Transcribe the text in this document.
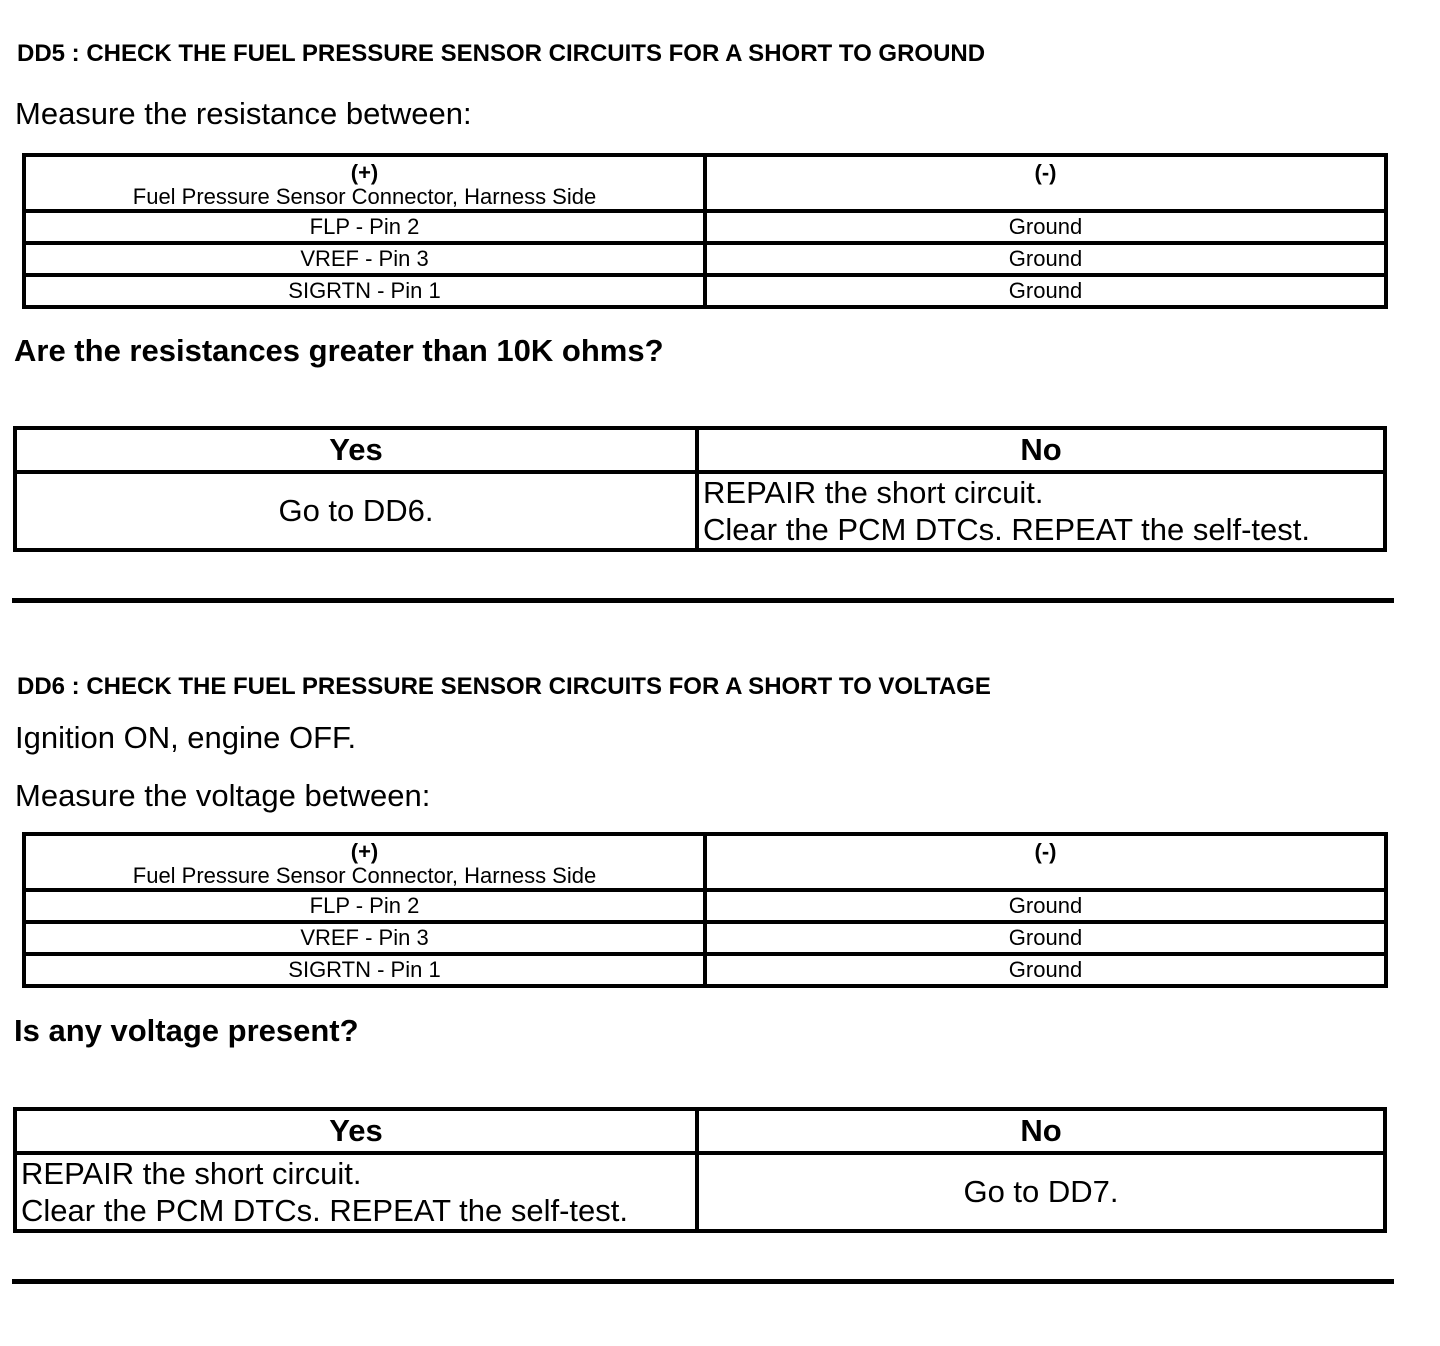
DD5 : CHECK THE FUEL PRESSURE SENSOR CIRCUITS FOR A SHORT TO GROUND
Measure the resistance between:
(+)
Fuel Pressure Sensor Connector, Harness Side	(-)

FLP - Pin 2	Ground
VREF - Pin 3	Ground
SIGRTN - Pin 1	Ground
Are the resistances greater than 10K ohms?
Yes	No

Go to DD6.	REPAIR the short circuit.
Clear the PCM DTCs. REPEAT the self-test.
DD6 : CHECK THE FUEL PRESSURE SENSOR CIRCUITS FOR A SHORT TO VOLTAGE
Ignition ON, engine OFF.
Measure the voltage between:
(+)
Fuel Pressure Sensor Connector, Harness Side	(-)

FLP - Pin 2	Ground
VREF - Pin 3	Ground
SIGRTN - Pin 1	Ground
Is any voltage present?
Yes	No

REPAIR the short circuit.
Clear the PCM DTCs. REPEAT the self-test.	Go to DD7.
